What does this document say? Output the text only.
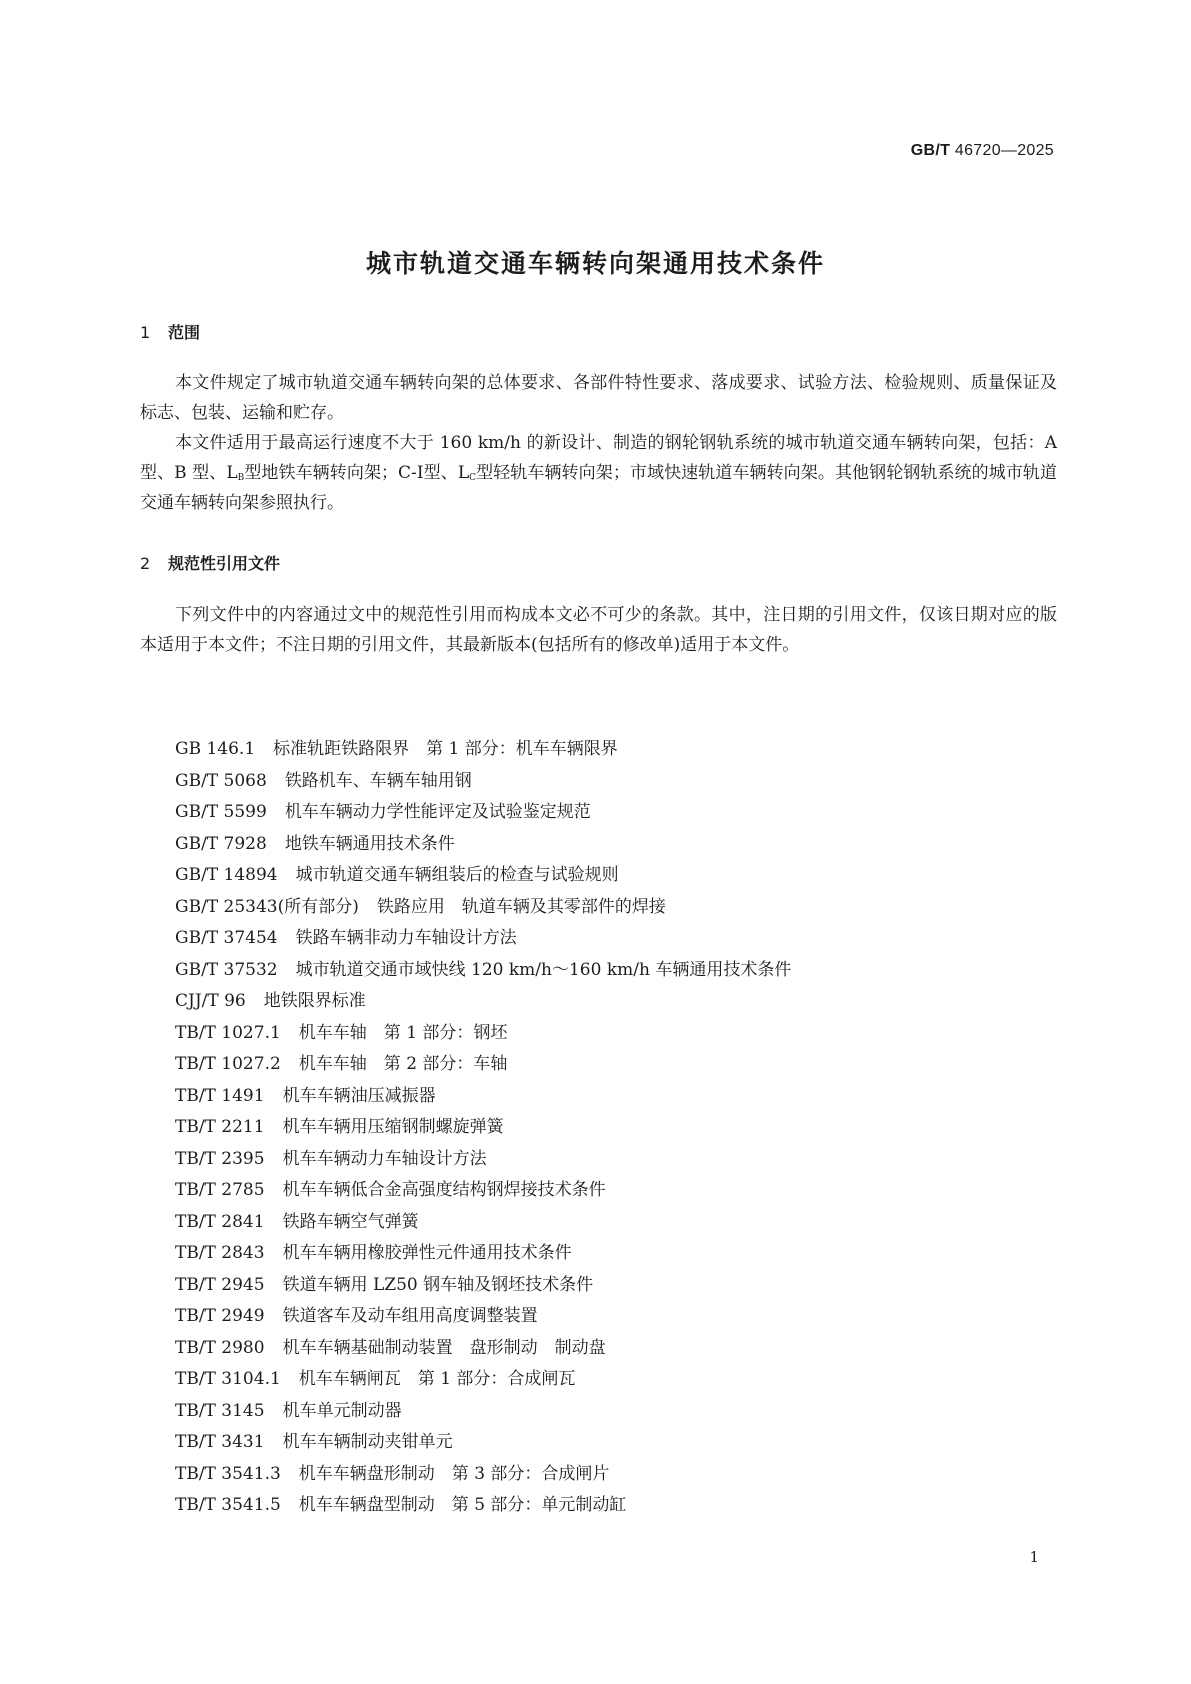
GB/T 46720—2025
城市轨道交通车辆转向架通用技术条件
1 范围
本文件规定了城市轨道交通车辆转向架的总体要求、各部件特性要求、落成要求、试验方法、检验规则、质量保证及标志、包装、运输和贮存。
本文件适用于最高运行速度不大于 160 km/h 的新设计、制造的钢轮钢轨系统的城市轨道交通车辆转向架，包括：A 型、B 型、$L_B$型地铁车辆转向架；C-Ⅰ型、$L_C$型轻轨车辆转向架；市域快速轨道车辆转向架。其他钢轮钢轨系统的城市轨道交通车辆转向架参照执行。
2 规范性引用文件
下列文件中的内容通过文中的规范性引用而构成本文必不可少的条款。其中，注日期的引用文件，仅该日期对应的版本适用于本文件；不注日期的引用文件，其最新版本(包括所有的修改单)适用于本文件。
GB 146.1 标准轨距铁路限界　第 1 部分：机车车辆限界
GB/T 5068 铁路机车、车辆车轴用钢
GB/T 5599 机车车辆动力学性能评定及试验鉴定规范
GB/T 7928 地铁车辆通用技术条件
GB/T 14894 城市轨道交通车辆组装后的检查与试验规则
GB/T 25343(所有部分) 铁路应用　轨道车辆及其零部件的焊接
GB/T 37454 铁路车辆非动力车轴设计方法
GB/T 37532 城市轨道交通市域快线 120 km/h～160 km/h 车辆通用技术条件
CJJ/T 96 地铁限界标准
TB/T 1027.1 机车车轴　第 1 部分：钢坯
TB/T 1027.2 机车车轴　第 2 部分：车轴
TB/T 1491 机车车辆油压减振器
TB/T 2211 机车车辆用压缩钢制螺旋弹簧
TB/T 2395 机车车辆动力车轴设计方法
TB/T 2785 机车车辆低合金高强度结构钢焊接技术条件
TB/T 2841 铁路车辆空气弹簧
TB/T 2843 机车车辆用橡胶弹性元件通用技术条件
TB/T 2945 铁道车辆用 LZ50 钢车轴及钢坯技术条件
TB/T 2949 铁道客车及动车组用高度调整装置
TB/T 2980 机车车辆基础制动装置　盘形制动　制动盘
TB/T 3104.1 机车车辆闸瓦　第 1 部分：合成闸瓦
TB/T 3145 机车单元制动器
TB/T 3431 机车车辆制动夹钳单元
TB/T 3541.3 机车车辆盘形制动　第 3 部分：合成闸片
TB/T 3541.5 机车车辆盘型制动　第 5 部分：单元制动缸
1
